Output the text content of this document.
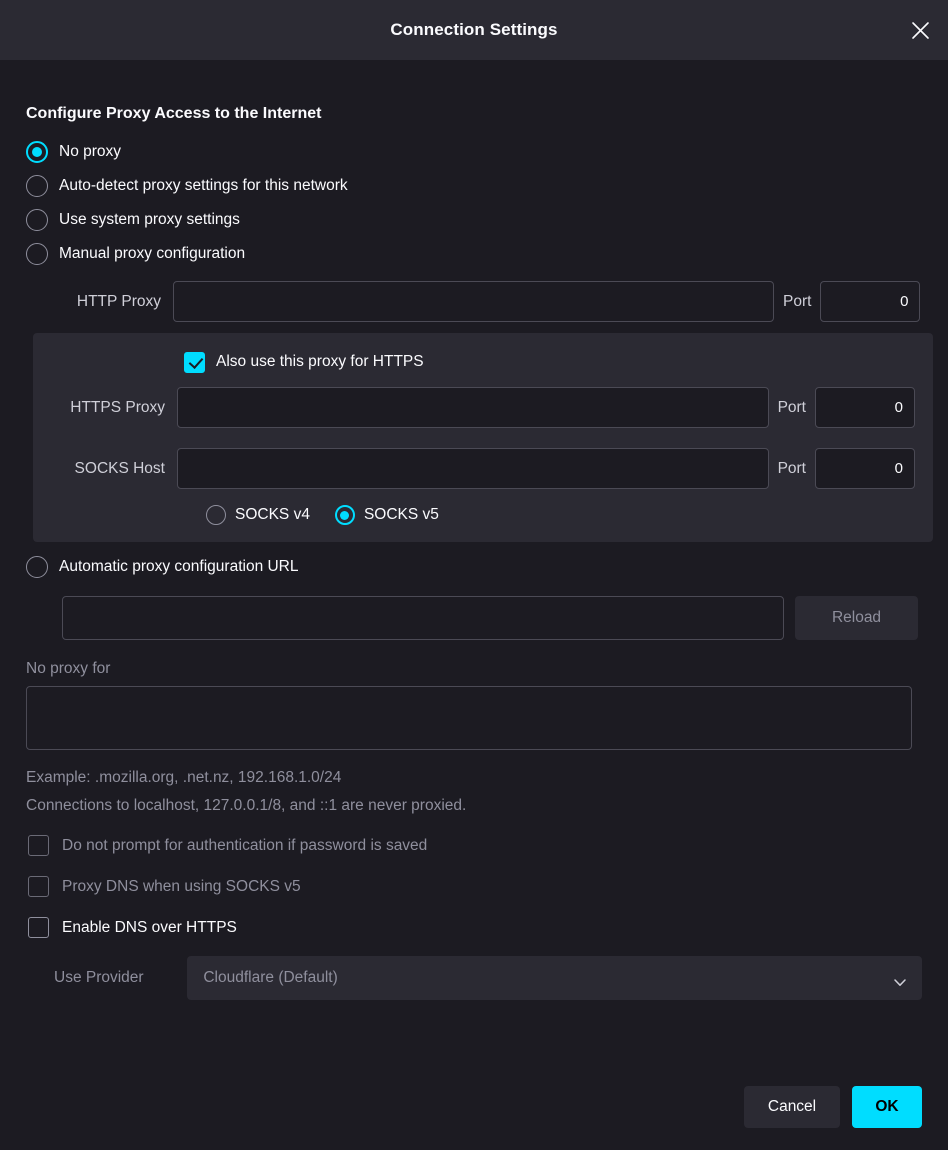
Connection Settings
Configure Proxy Access to the Internet
No proxy
Auto-detect proxy settings for this network
Use system proxy settings
Manual proxy configuration
HTTP Proxy	Port
0
Also use this proxy for HTTPS
HTTPS Proxy	Port
0
SOCKS Host	Port
0
SOCKS v4	SOCKS v5
Automatic proxy configuration URL
Reload
No proxy for
Example: .mozilla.org, .net.nz, 192.168.1.0/24
Connections to localhost, 127.0.0.1/8, and ::1 are never proxied.
Do not prompt for authentication if password is saved
Proxy DNS when using SOCKS v5
Enable DNS over HTTPS
Use Provider	Cloudflare (Default)
Cancel	OK
